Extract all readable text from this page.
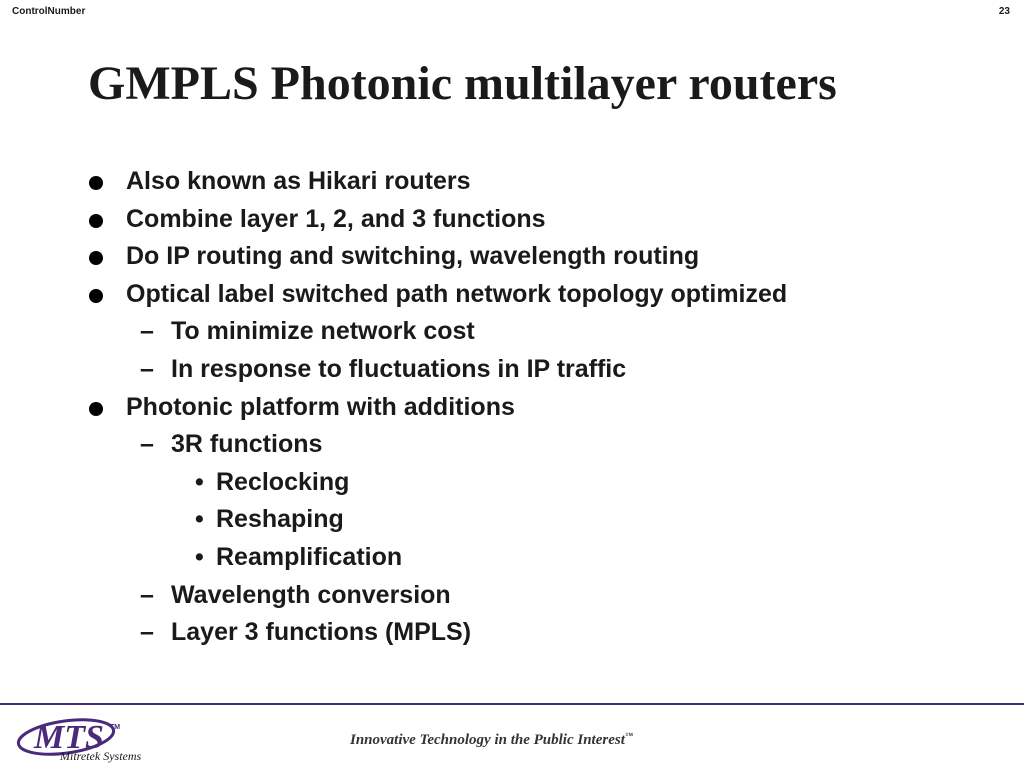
ControlNumber	23
GMPLS Photonic multilayer routers
Also known as Hikari routers
Combine layer 1, 2, and 3 functions
Do IP routing and switching, wavelength routing
Optical label switched path network topology optimized
– To minimize network cost
– In response to fluctuations in IP traffic
Photonic platform with additions
– 3R functions
• Reclocking
• Reshaping
• Reamplification
– Wavelength conversion
– Layer 3 functions (MPLS)
MTS TM
Mitretek Systems
Innovative Technology in the Public Interest™
